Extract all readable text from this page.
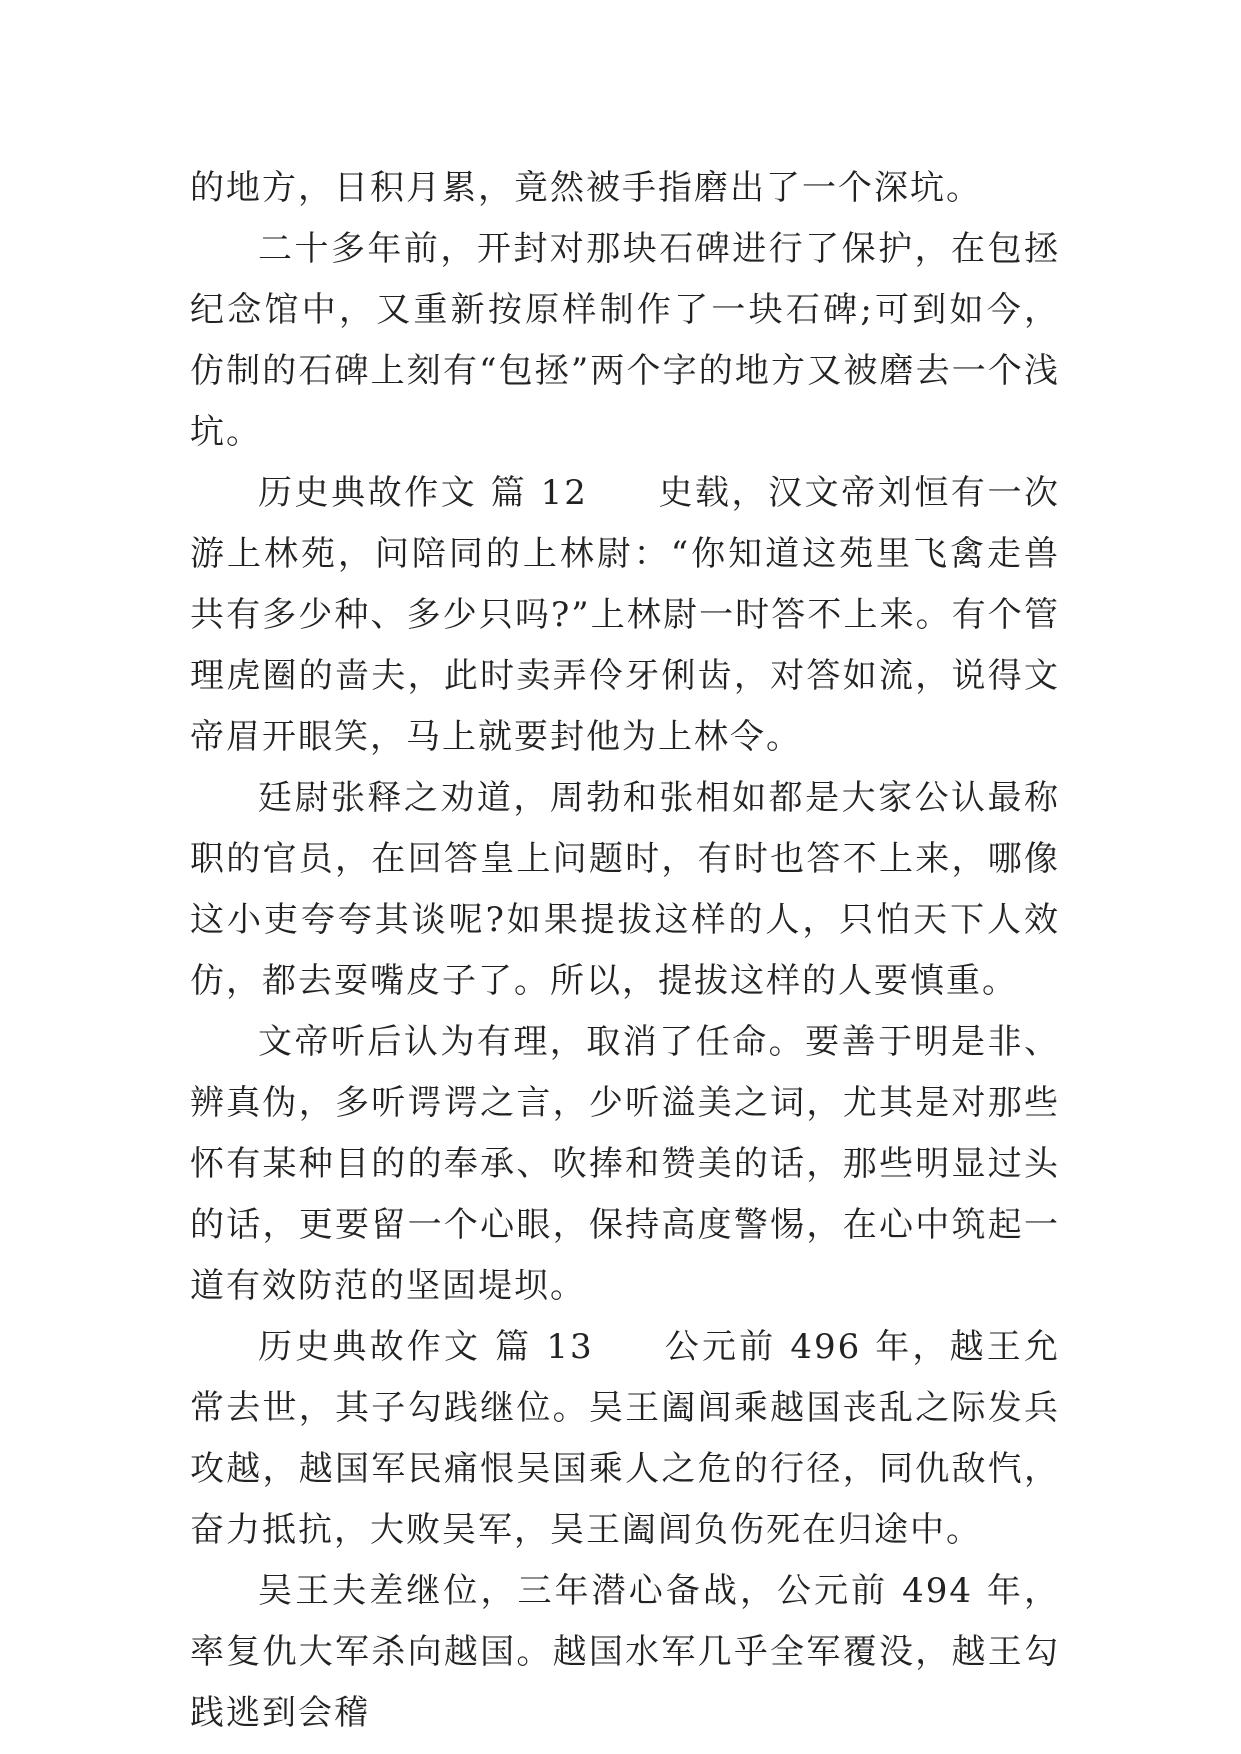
的地方，日积月累，竟然被手指磨出了一个深坑。

二十多年前，开封对那块石碑进行了保护，在包拯纪念馆中，又重新按原样制作了一块石碑;可到如今，仿制的石碑上刻有“包拯”两个字的地方又被磨去一个浅坑。

历史典故作文 篇 12 史载，汉文帝刘恒有一次游上林苑，问陪同的上林尉：“你知道这苑里飞禽走兽共有多少种、多少只吗?”上林尉一时答不上来。有个管理虎圈的啬夫，此时卖弄伶牙俐齿，对答如流，说得文帝眉开眼笑，马上就要封他为上林令。

廷尉张释之劝道，周勃和张相如都是大家公认最称职的官员，在回答皇上问题时，有时也答不上来，哪像这小吏夸夸其谈呢?如果提拔这样的人，只怕天下人效仿，都去耍嘴皮子了。所以，提拔这样的人要慎重。

文帝听后认为有理，取消了任命。要善于明是非、辨真伪，多听谔谔之言，少听溢美之词，尤其是对那些怀有某种目的的奉承、吹捧和赞美的话，那些明显过头的话，更要留一个心眼，保持高度警惕，在心中筑起一道有效防范的坚固堤坝。

历史典故作文 篇 13 公元前 496 年，越王允常去世，其子勾践继位。吴王阖闾乘越国丧乱之际发兵攻越，越国军民痛恨吴国乘人之危的行径，同仇敌忾，奋力抵抗，大败吴军，吴王阖闾负伤死在归途中。

吴王夫差继位，三年潜心备战，公元前 494 年，率复仇大军杀向越国。越国水军几乎全军覆没，越王勾践逃到会稽
